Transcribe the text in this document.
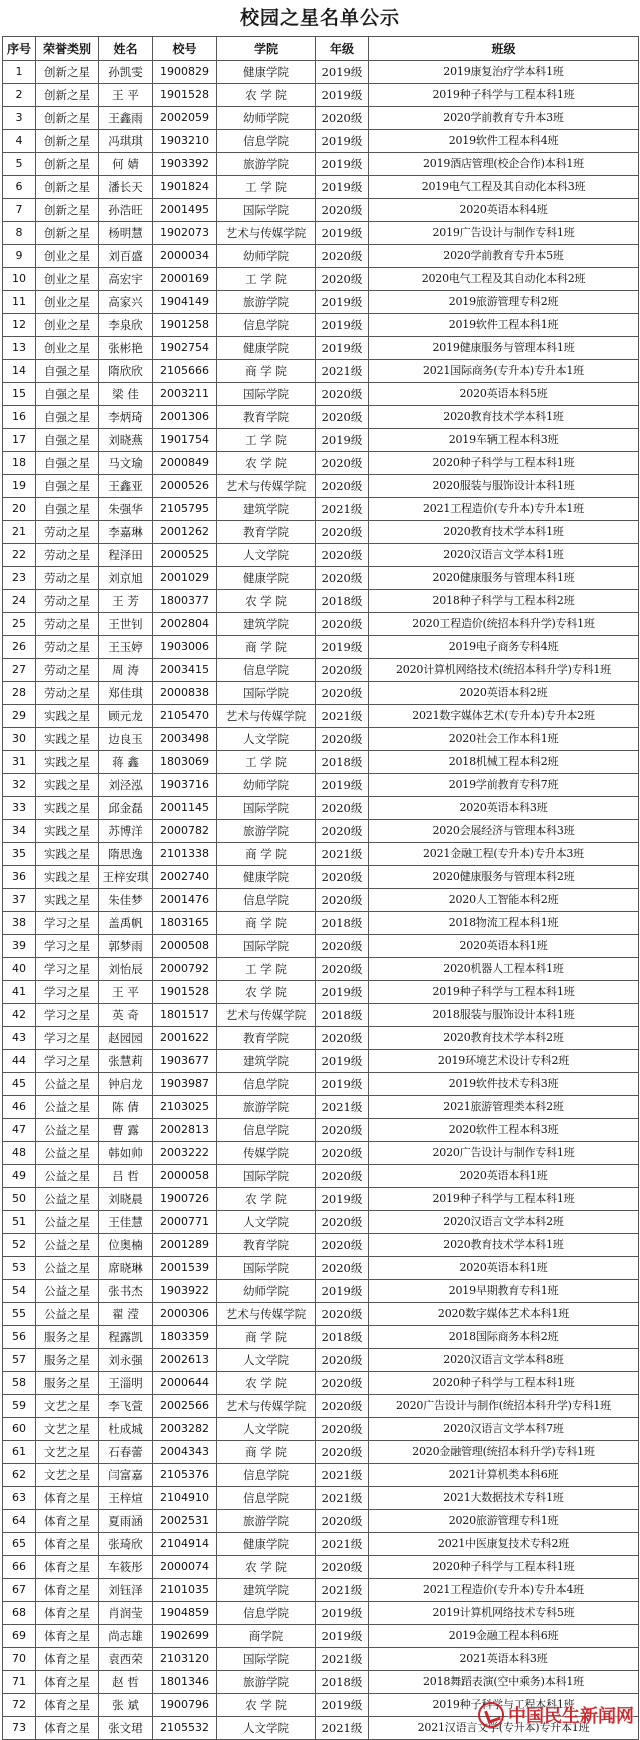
校园之星名单公示
序号	荣誉类别	姓名	校号	学院	年级	班级
1	创新之星	孙凯雯	1900829	健康学院	2019级	2019康复治疗学本科1班
2	创新之星	王 平	1901528	农 学 院	2019级	2019种子科学与工程本科1班
3	创新之星	王鑫雨	2002059	幼师学院	2020级	2020学前教育专升本3班
4	创新之星	冯琪琪	1903210	信息学院	2019级	2019软件工程本科4班
5	创新之星	何 婧	1903392	旅游学院	2019级	2019酒店管理(校企合作)本科1班
6	创新之星	潘长天	1901824	工 学 院	2019级	2019电气工程及其自动化本科3班
7	创新之星	孙浩旺	2001495	国际学院	2020级	2020英语本科4班
8	创新之星	杨明慧	1902073	艺术与传媒学院	2019级	2019广告设计与制作专科1班
9	创业之星	刘百盛	2000034	幼师学院	2020级	2020学前教育专升本5班
10	创业之星	高宏宇	2000169	工 学 院	2020级	2020电气工程及其自动化本科2班
11	创业之星	高家兴	1904149	旅游学院	2019级	2019旅游管理专科2班
12	创业之星	李泉欣	1901258	信息学院	2019级	2019软件工程本科1班
13	创业之星	张彬艳	1902754	健康学院	2019级	2019健康服务与管理本科1班
14	自强之星	隋欣欣	2105666	商 学 院	2021级	2021国际商务(专升本)专升本1班
15	自强之星	梁 佳	2003211	国际学院	2020级	2020英语本科5班
16	自强之星	李炳琦	2001306	教育学院	2020级	2020教育技术学本科1班
17	自强之星	刘晓燕	1901754	工 学 院	2019级	2019车辆工程本科3班
18	自强之星	马文瑜	2000849	农 学 院	2020级	2020种子科学与工程本科1班
19	自强之星	王鑫亚	2000526	艺术与传媒学院	2020级	2020服装与服饰设计本科1班
20	自强之星	朱强华	2105795	建筑学院	2021级	2021工程造价(专升本)专升本1班
21	劳动之星	李嘉琳	2001262	教育学院	2020级	2020教育技术学本科1班
22	劳动之星	程泽田	2000525	人文学院	2020级	2020汉语言文学本科1班
23	劳动之星	刘京旭	2001029	健康学院	2020级	2020健康服务与管理本科1班
24	劳动之星	王 芳	1800377	农 学 院	2018级	2018种子科学与工程本科2班
25	劳动之星	王世钊	2002804	建筑学院	2020级	2020工程造价(统招本科升学)专科1班
26	劳动之星	王玉婷	1903006	商 学 院	2019级	2019电子商务专科4班
27	劳动之星	周 涛	2003415	信息学院	2020级	2020计算机网络技术(统招本科升学)专科1班
28	劳动之星	郑佳琪	2000838	国际学院	2020级	2020英语本科2班
29	实践之星	顾元龙	2105470	艺术与传媒学院	2021级	2021数字媒体艺术(专升本)专升本2班
30	实践之星	边良玉	2003498	人文学院	2020级	2020社会工作本科1班
31	实践之星	蒋 鑫	1803069	工 学 院	2018级	2018机械工程本科2班
32	实践之星	刘泾泓	1903716	幼师学院	2019级	2019学前教育专科7班
33	实践之星	邱金磊	2001145	国际学院	2020级	2020英语本科3班
34	实践之星	苏博洋	2000782	旅游学院	2020级	2020会展经济与管理本科3班
35	实践之星	隋思逸	2101338	商 学 院	2021级	2021金融工程(专升本)专升本3班
36	实践之星	王梓安琪	2002740	健康学院	2020级	2020健康服务与管理本科2班
37	实践之星	朱佳梦	2001476	信息学院	2020级	2020人工智能本科2班
38	学习之星	盖禹帆	1803165	商 学 院	2018级	2018物流工程本科1班
39	学习之星	郭梦雨	2000508	国际学院	2020级	2020英语本科1班
40	学习之星	刘怡辰	2000792	工 学 院	2020级	2020机器人工程本科1班
41	学习之星	王 平	1901528	农 学 院	2019级	2019种子科学与工程本科1班
42	学习之星	英 奇	1801517	艺术与传媒学院	2018级	2018服装与服饰设计本科1班
43	学习之星	赵园园	2001622	教育学院	2020级	2020教育技术学本科2班
44	学习之星	张慧莉	1903677	建筑学院	2019级	2019环境艺术设计专科2班
45	公益之星	钟启龙	1903987	信息学院	2019级	2019软件技术专科3班
46	公益之星	陈 倩	2103025	旅游学院	2021级	2021旅游管理类本科2班
47	公益之星	曹 露	2002813	信息学院	2020级	2020软件工程本科3班
48	公益之星	韩如帅	2003222	传媒学院	2020级	2020广告设计与制作专科1班
49	公益之星	吕 哲	2000058	国际学院	2020级	2020英语本科1班
50	公益之星	刘晓晨	1900726	农 学 院	2019级	2019种子科学与工程本科1班
51	公益之星	王佳慧	2000771	人文学院	2020级	2020汉语言文学本科2班
52	公益之星	位奥楠	2001289	教育学院	2020级	2020教育技术学本科1班
53	公益之星	席晓琳	2001539	国际学院	2020级	2020英语本科1班
54	公益之星	张书杰	1903922	幼师学院	2019级	2019早期教育专科1班
55	公益之星	翟 滢	2000306	艺术与传媒学院	2020级	2020数字媒体艺术本科1班
56	服务之星	程露凯	1803359	商 学 院	2018级	2018国际商务本科2班
57	服务之星	刘永强	2002613	人文学院	2020级	2020汉语言文学本科8班
58	服务之星	王淄明	2000644	农 学 院	2020级	2020种子科学与工程本科1班
59	文艺之星	李飞萱	2002566	艺术与传媒学院	2020级	2020广告设计与制作(统招本科升学)专科1班
60	文艺之星	杜成城	2003282	人文学院	2020级	2020汉语言文学本科7班
61	文艺之星	石春蕾	2004343	商 学 院	2020级	2020金融管理(统招本科升学)专科1班
62	文艺之星	闫富嘉	2105376	信息学院	2021级	2021计算机类本科6班
63	体育之星	王梓煊	2104910	信息学院	2021级	2021大数据技术专科1班
64	体育之星	夏雨涵	2002531	旅游学院	2020级	2020旅游管理专科1班
65	体育之星	张琦欣	2104914	健康学院	2021级	2021中医康复技术专科2班
66	体育之星	车筱彤	2000074	农 学 院	2020级	2020种子科学与工程本科1班
67	体育之星	刘钰泽	2101035	建筑学院	2021级	2021工程造价(专升本)专升本4班
68	体育之星	肖润莹	1904859	信息学院	2019级	2019计算机网络技术专科5班
69	体育之星	尚志雄	1902699	商学院	2019级	2019金融工程本科6班
70	体育之星	袁西荣	2103120	国际学院	2021级	2021英语本科3班
71	体育之星	赵 哲	1801346	旅游学院	2018级	2018舞蹈表演(空中乘务)本科1班
72	体育之星	张 斌	1900796	农 学 院	2019级	2019种子科学与工程本科1班
73	体育之星	张文珺	2105532	人文学院	2021级	2021汉语言文学(专升本)专升本1班
中国民生新闻网
